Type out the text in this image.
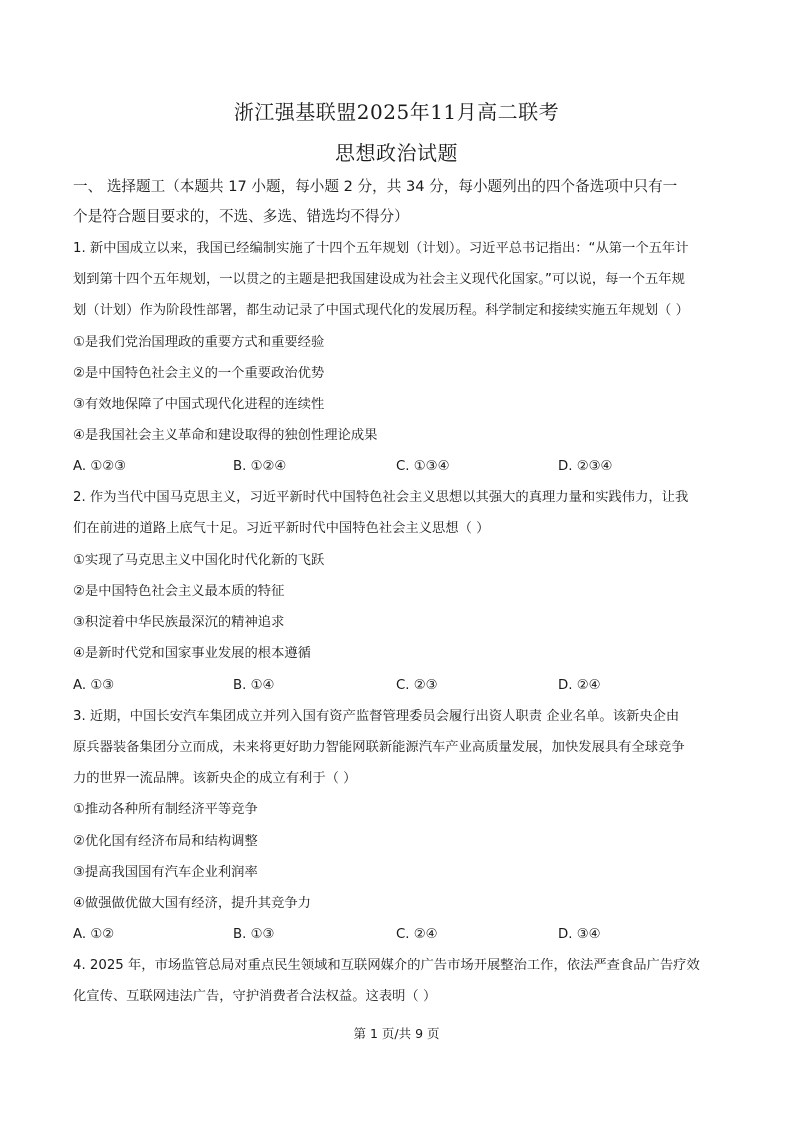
浙江强基联盟2025年11月高二联考
思想政治试题
一、 选择题工（本题共 17 小题，每小题 2 分，共 34 分，每小题列出的四个备选项中只有一
个是符合题目要求的，不选、多选、错选均不得分）
1. 新中国成立以来，我国已经编制实施了十四个五年规划（计划）。习近平总书记指出：“从第一个五年计
划到第十四个五年规划，一以贯之的主题是把我国建设成为社会主义现代化国家。”可以说，每一个五年规
划（计划）作为阶段性部署，都生动记录了中国式现代化的发展历程。科学制定和接续实施五年规划（ ）
①是我们党治国理政的重要方式和重要经验
②是中国特色社会主义的一个重要政治优势
③有效地保障了中国式现代化进程的连续性
④是我国社会主义革命和建设取得的独创性理论成果
A. ①②③	B. ①②④	C. ①③④	D. ②③④
2. 作为当代中国马克思主义，习近平新时代中国特色社会主义思想以其强大的真理力量和实践伟力，让我
们在前进的道路上底气十足。习近平新时代中国特色社会主义思想（ ）
①实现了马克思主义中国化时代化新的飞跃
②是中国特色社会主义最本质的特征
③积淀着中华民族最深沉的精神追求
④是新时代党和国家事业发展的根本遵循
A. ①③	B. ①④	C. ②③	D. ②④
3. 近期，中国长安汽车集团成立并列入国有资产监督管理委员会履行出资人职责 企业名单。该新央企由
原兵器装备集团分立而成，未来将更好助力智能网联新能源汽车产业高质量发展，加快发展具有全球竞争
力的世界一流品牌。该新央企的成立有利于（ ）
①推动各种所有制经济平等竞争
②优化国有经济布局和结构调整
③提高我国国有汽车企业利润率
④做强做优做大国有经济，提升其竞争力
A. ①②	B. ①③	C. ②④	D. ③④
4. 2025 年，市场监管总局对重点民生领域和互联网媒介的广告市场开展整治工作，依法严查食品广告疗效
化宣传、互联网违法广告，守护消费者合法权益。这表明（ ）
第 1 页/共 9 页
